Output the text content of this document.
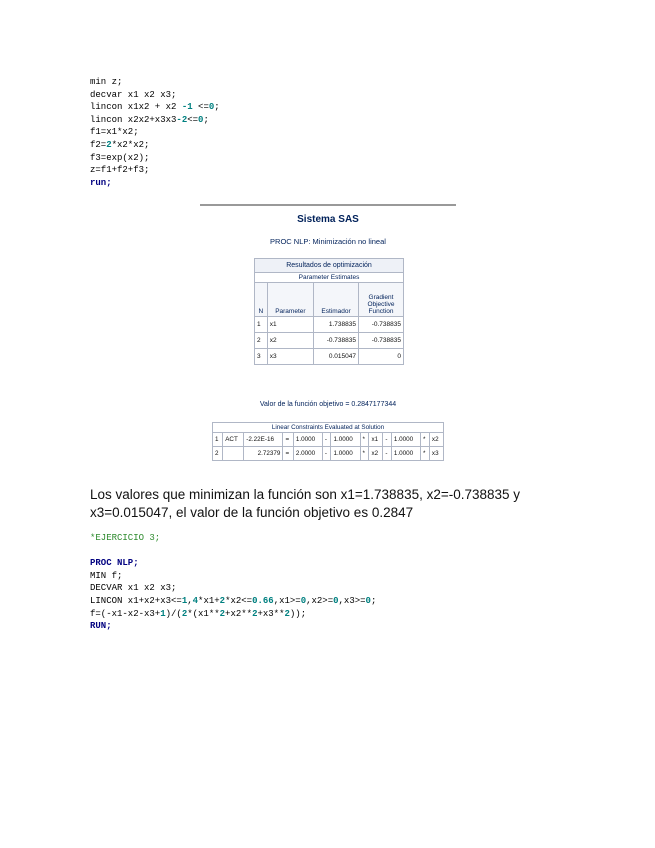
min z;
decvar x1 x2 x3;
lincon x1x2 + x2 -1 <=0;
lincon x2x2+x3x3-2<=0;
f1=x1*x2;
f2=2*x2*x2;
f3=exp(x2);
z=f1+f2+f3;
run;
Sistema SAS
PROC NLP: Minimización no lineal
Resultados de optimización			
Parameter Estimates			
N	Parameter	Estimador	Gradient Objective Function
1	x1	1.738835	-0.738835
2	x2	-0.738835	-0.738835
3	x3	0.015047	0
Valor de la función objetivo = 0.2847177344
Linear Constraints Evaluated at Solution												
1	ACT	-2.22E-16	=	1.0000	-	1.0000	*	x1	-	1.0000	*	x2
2		2.72379	=	2.0000	-	1.0000	*	x2	-	1.0000	*	x3

Los valores que minimizan la función son x1=1.738835, x2=-0.738835 y x3=0.015047, el valor de la función objetivo es 0.2847

*EJERCICIO 3;

PROC NLP;
MIN f;
DECVAR x1 x2 x3;
LINCON x1+x2+x3<=1,4*x1+2*x2<=0.66,x1>=0,x2>=0,x3>=0;
f=(-x1-x2-x3+1)/(2*(x1**2+x2**2+x3**2));
RUN;
